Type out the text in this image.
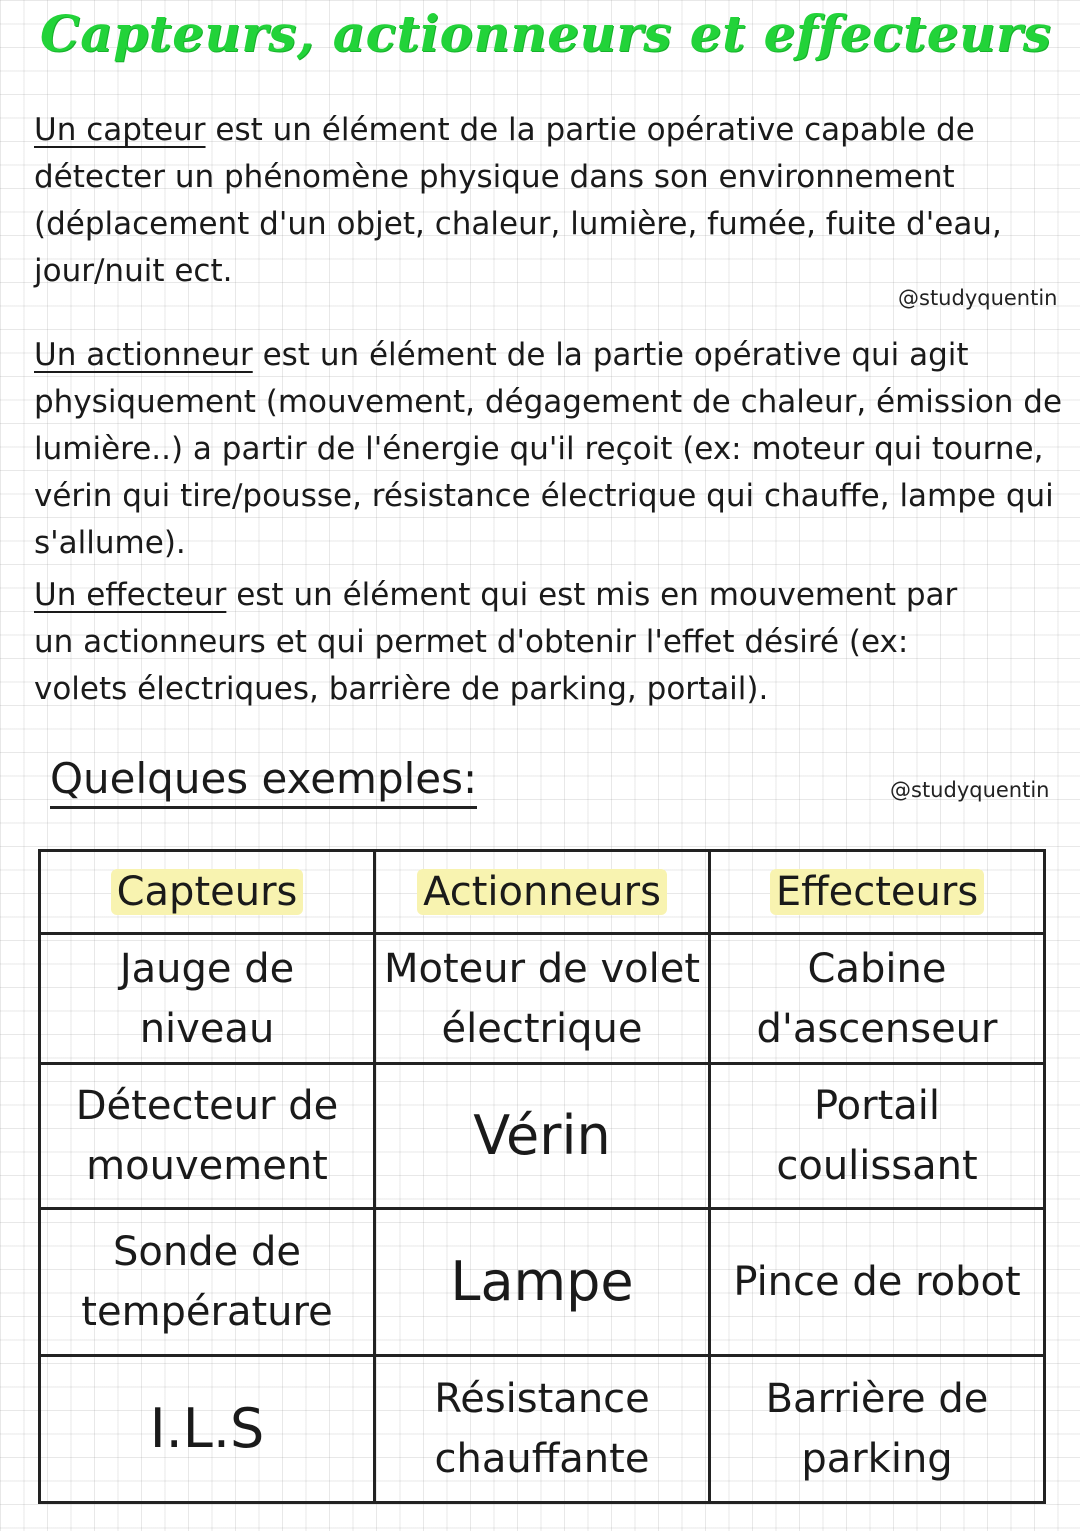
Capteurs, actionneurs et effecteurs

Un capteur est un élément de la partie opérative capable de détecter un phénomène physique dans son environnement (déplacement d'un objet, chaleur, lumière, fumée, fuite d'eau, jour/nuit ect.

@studyquentin

Un actionneur est un élément de la partie opérative qui agit physiquement (mouvement, dégagement de chaleur, émission de lumière..) a partir de l'énergie qu'il reçoit (ex: moteur qui tourne, vérin qui tire/pousse, résistance électrique qui chauffe, lampe qui s'allume).

Un effecteur est un élément qui est mis en mouvement par un actionneurs et qui permet d'obtenir l'effet désiré (ex: volets électriques, barrière de parking, portail).

Quelques exemples:	@studyquentin
Capteurs	Actionneurs	Effecteurs
Jauge de niveau	Moteur de volet électrique	Cabine d'ascenseur
Détecteur de mouvement	Vérin	Portail coulissant
Sonde de température	Lampe	Pince de robot
I.L.S	Résistance chauffante	Barrière de parking
